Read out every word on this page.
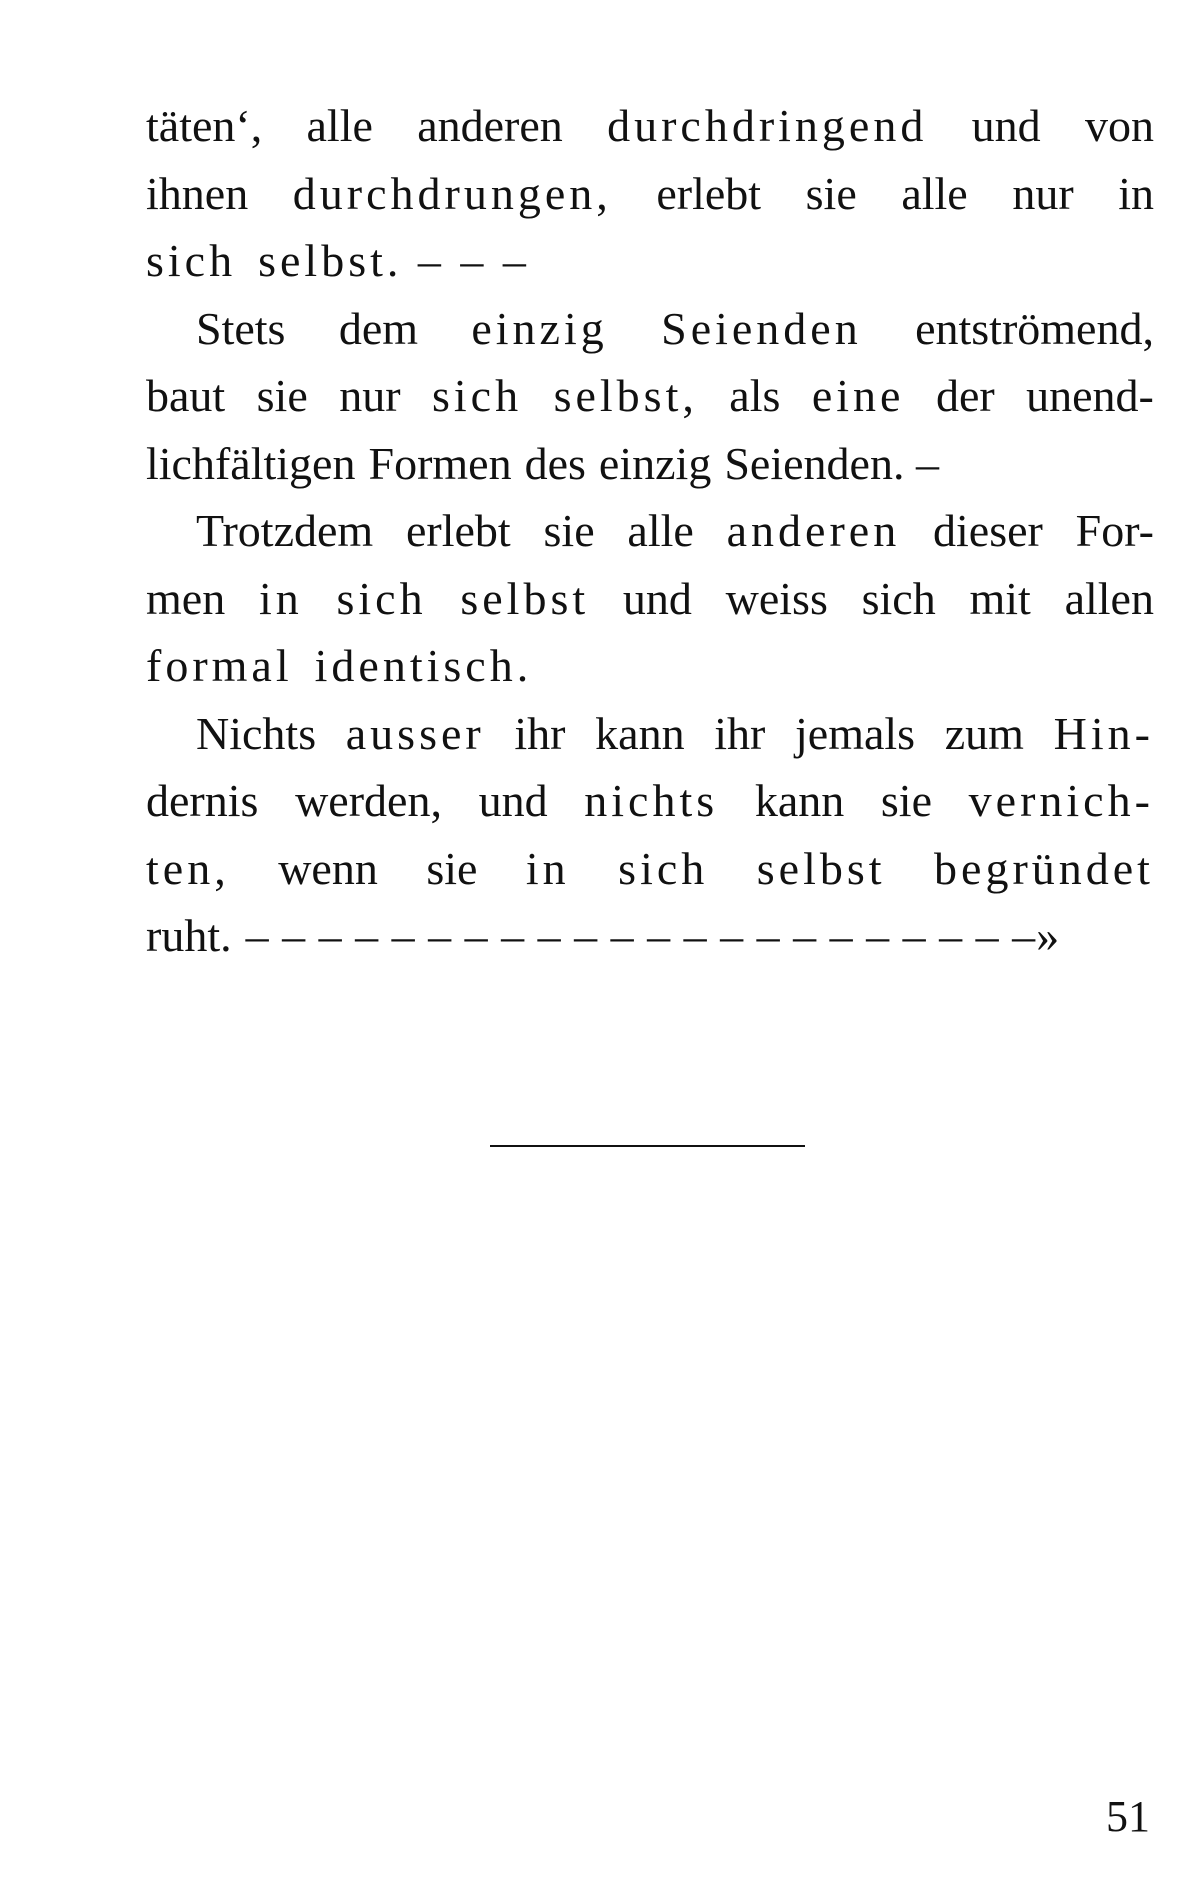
täten‘, alle anderen durchdringend und von
ihnen durchdrungen, erlebt sie alle nur in
sich selbst. – – –
Stets dem einzig Seienden entströmend,
baut sie nur sich selbst, als eine der unend-
lichfältigen Formen des einzig Seienden. –
Trotzdem erlebt sie alle anderen dieser For-
men in sich selbst und weiss sich mit allen
formal identisch.
Nichts ausser ihr kann ihr jemals zum Hin-
dernis werden, und nichts kann sie vernich-
ten, wenn sie in sich selbst begründet
ruht. – – – – – – – – – – – – – – – – – – – – – –»
51
